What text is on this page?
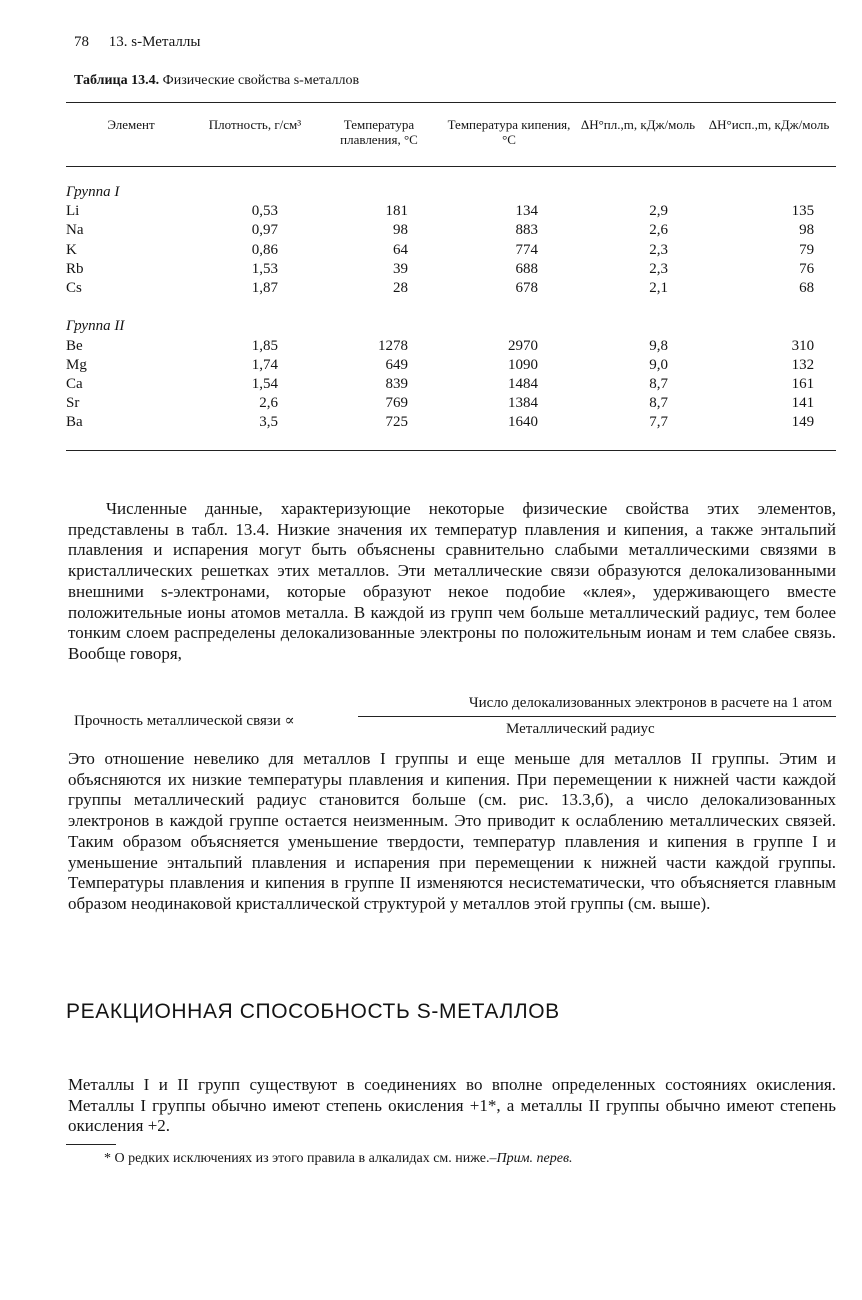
78 13. s-Металлы
Таблица 13.4. Физические свойства s-металлов
Элемент	Плотность, г/см³	Температура плавления, °С	Температура кипения, °С	ΔH°пл.,m, кДж/моль	ΔH°исп.,m, кДж/моль
Группа I					
Li	0,53	181	134	2,9	135
Na	0,97	98	883	2,6	98
K	0,86	64	774	2,3	79
Rb	1,53	39	688	2,3	76
Cs	1,87	28	678	2,1	68

Группа II					
Be	1,85	1278	2970	9,8	310
Mg	1,74	649	1090	9,0	132
Ca	1,54	839	1484	8,7	161
Sr	2,6	769	1384	8,7	141
Ba	3,5	725	1640	7,7	149
Численные данные, характеризующие некоторые физические свойства этих элементов, представлены в табл. 13.4. Низкие значения их температур плавления и кипения, а также энтальпий плавления и испарения могут быть объяснены сравнительно слабыми металлическими связями в кристаллических решетках этих металлов. Эти металлические связи образуются делокализованными внешними s-электронами, которые образуют некое подобие «клея», удерживающего вместе положительные ионы атомов металла. В каждой из групп чем больше металлический радиус, тем более тонким слоем распределены делокализованные электроны по положительным ионам и тем слабее связь. Вообще говоря,
Прочность металлической связи ∝
Число делокализованных электронов в расчете на 1 атом
Металлический радиус
Это отношение невелико для металлов I группы и еще меньше для металлов II группы. Этим и объясняются их низкие температуры плавления и кипения. При перемещении к нижней части каждой группы металлический радиус становится больше (см. рис. 13.3,б), а число делокализованных электронов в каждой группе остается неизменным. Это приводит к ослаблению металлических связей. Таким образом объясняется уменьшение твердости, температур плавления и кипения в группе I и уменьшение энтальпий плавления и испарения при перемещении к нижней части каждой группы. Температуры плавления и кипения в группе II изменяются несистематически, что объясняется главным образом неодинаковой кристаллической структурой у металлов этой группы (см. выше).
РЕАКЦИОННАЯ СПОСОБНОСТЬ S-МЕТАЛЛОВ
Металлы I и II групп существуют в соединениях во вполне определенных состояниях окисления. Металлы I группы обычно имеют степень окисления +1*, а металлы II группы обычно имеют степень окисления +2.
* О редких исключениях из этого правила в алкалидах см. ниже.–Прим. перев.
